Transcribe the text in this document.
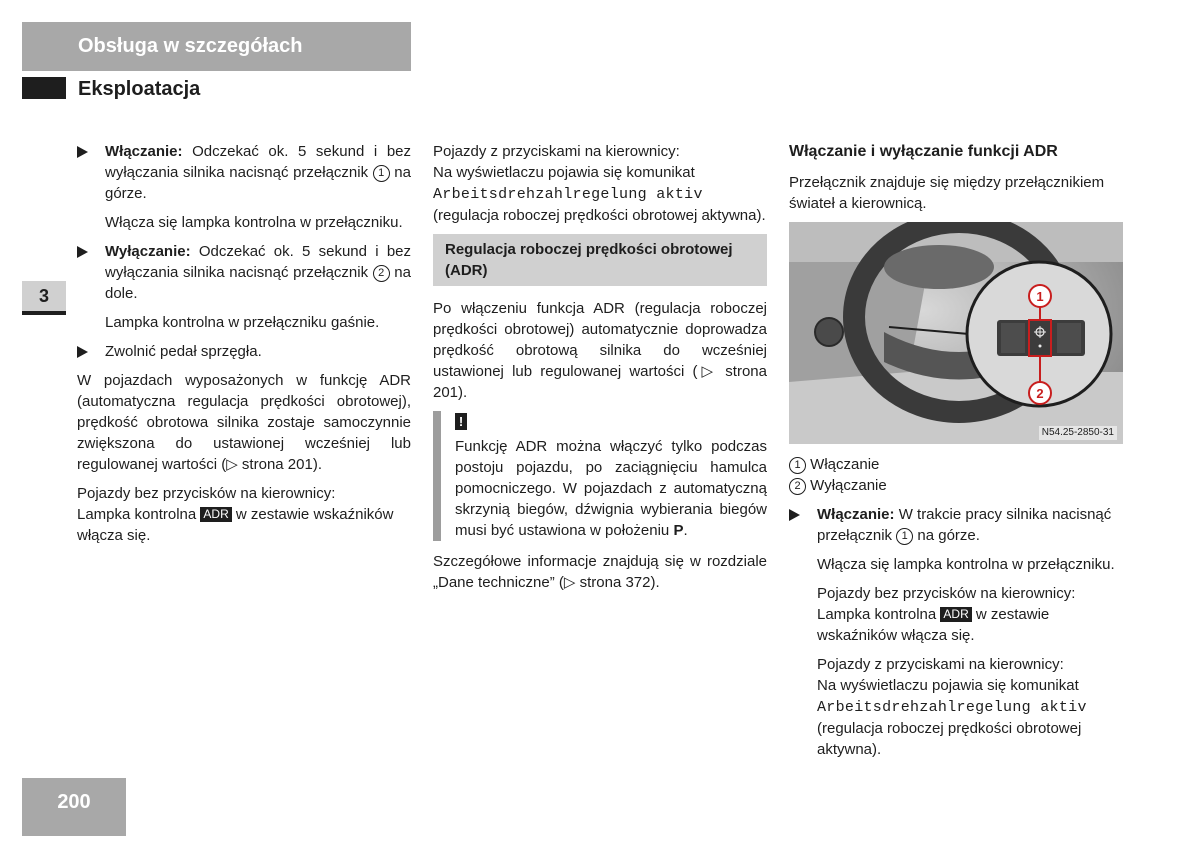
Obsługa w szczegółach
Eksploatacja
3
200
Włączanie: Odczekać ok. 5 sekund i bez wyłączania silnika nacisnąć przełącznik 1 na górze.

Włącza się lampka kontrolna w przełączniku.

Wyłączanie: Odczekać ok. 5 sekund i bez wyłączania silnika nacisnąć przełącznik 2 na dole.

Lampka kontrolna w przełączniku gaśnie.

Zwolnić pedał sprzęgła.

W pojazdach wyposażonych w funkcję ADR (automatyczna regulacja prędkości obrotowej), prędkość obrotowa silnika zostaje samoczynnie zwiększona do ustawionej wcześniej lub regulowanej wartości (▷ strona 201).

Pojazdy bez przycisków na kierownicy:
Lampka kontrolna ADR w zestawie wskaźników włącza się.

Pojazdy z przyciskami na kierownicy:
Na wyświetlaczu pojawia się komunikat Arbeitsdrehzahlregelung aktiv (regulacja roboczej prędkości obrotowej aktywna).

Regulacja roboczej prędkości obrotowej (ADR)

Po włączeniu funkcja ADR (regulacja roboczej prędkości obrotowej) automatycznie doprowadza prędkość obrotową silnika do wcześniej ustawionej lub regulowanej wartości (▷ strona 201).

!
Funkcję ADR można włączyć tylko podczas postoju pojazdu, po zaciągnięciu hamulca pomocniczego. W pojazdach z automatyczną skrzynią biegów, dźwignia wybierania biegów musi być ustawiona w położeniu P.

Szczegółowe informacje znajdują się w rozdziale „Dane techniczne” (▷ strona 372).

Włączanie i wyłączanie funkcji ADR

Przełącznik znajduje się między przełącznikiem świateł a kierownicą.

1
2
N54.25-2850-31

1 Włączanie

2 Wyłączanie

Włączanie: W trakcie pracy silnika nacisnąć przełącznik 1 na górze.

Włącza się lampka kontrolna w przełączniku.

Pojazdy bez przycisków na kierownicy:
Lampka kontrolna ADR w zestawie wskaźników włącza się.

Pojazdy z przyciskami na kierownicy:
Na wyświetlaczu pojawia się komunikat
Arbeitsdrehzahlregelung aktiv
(regulacja roboczej prędkości obrotowej aktywna).
